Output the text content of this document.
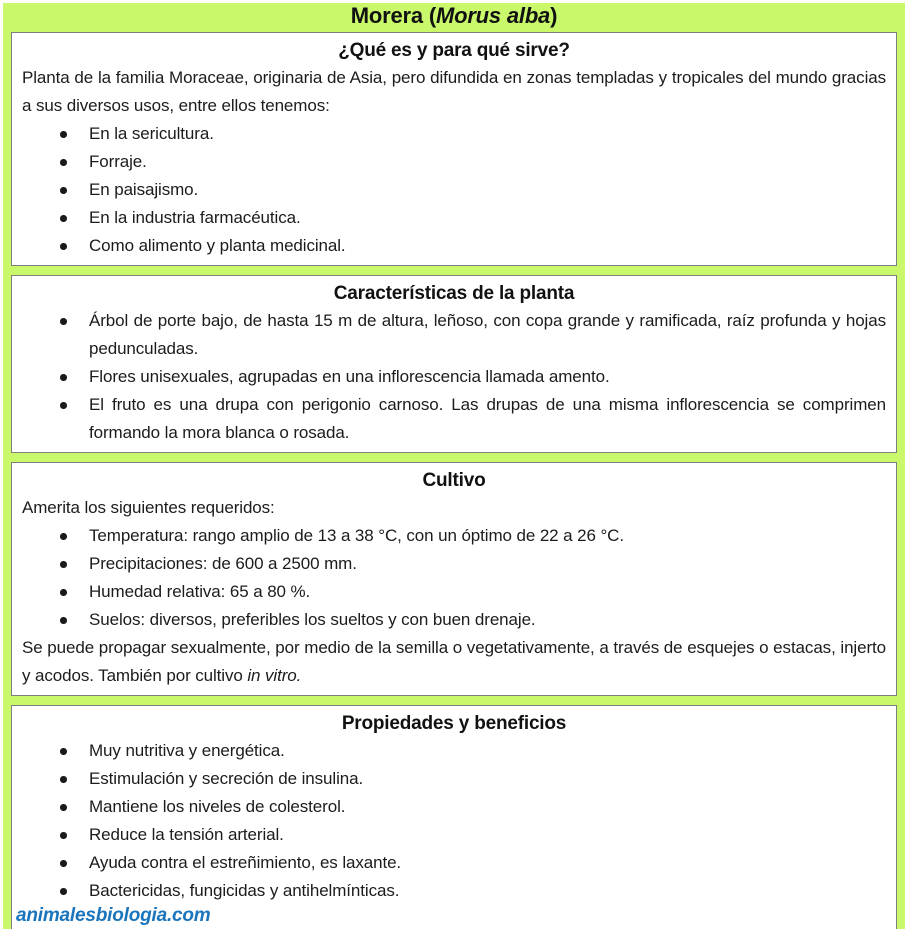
Morera ( Morus alba )
¿Qué es y para qué sirve?

Planta de la familia Moraceae, originaria de Asia, pero difundida en zonas templadas y tropicales del mundo gracias a sus diversos usos, entre ellos tenemos:

En la sericultura.
Forraje.
En paisajismo.
En la industria farmacéutica.
Como alimento y planta medicinal.
Características de la planta
Árbol de porte bajo, de hasta 15 m de altura, leñoso, con copa grande y ramificada, raíz profunda y hojas pedunculadas.
Flores unisexuales, agrupadas en una inflorescencia llamada amento.
El fruto es una drupa con perigonio carnoso. Las drupas de una misma inflorescencia se comprimen formando la mora blanca o rosada.
Cultivo

Amerita los siguientes requeridos:

Temperatura: rango amplio de 13 a 38 °C, con un óptimo de 22 a 26 °C.
Precipitaciones: de 600 a 2500 mm.
Humedad relativa: 65 a 80 %.
Suelos: diversos, preferibles los sueltos y con buen drenaje.

Se puede propagar sexualmente, por medio de la semilla o vegetativamente, a través de esquejes o estacas, injerto y acodos. También por cultivo in vitro.

Propiedades y beneficios
Muy nutritiva y energética.
Estimulación y secreción de insulina.
Mantiene los niveles de colesterol.
Reduce la tensión arterial.
Ayuda contra el estreñimiento, es laxante.
Bactericidas, fungicidas y antihelmínticas.
animalesbiologia.com
